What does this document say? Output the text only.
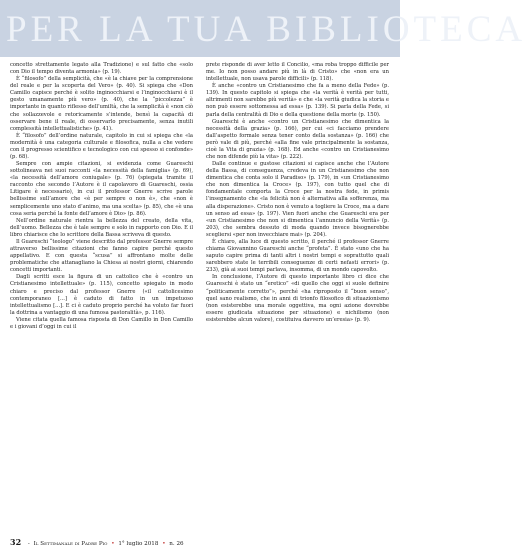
PER LA TUA BIBLIOTECA

concetto strettamente legato alla Tradizione) e sul fatto che «solo con Dio il tempo diventa armonia» (p. 19).

È “filosofo” della semplicità, che «è la chiave per la comprensione del reale e per la scoperta del Vero» (p. 40). Si spiega che «Don Camillo capisce perché è solito inginocchiarsi e l’inginocchiarsi è il gesto umanamente più vero» (p. 40), che la “piccolezza” è importante in quanto riflesso dell’umiltà, che la semplicità è «non ciò che sollazzevole e retoricamente s’intende, bensì la capacità di osservare bene il reale, di osservarlo precisamente, senza inutili complessità intellettualistiche» (p. 41).

È “filosofo” dell’ordine naturale, capitolo in cui si spiega che «la modernità è una categoria culturale e filosofica, nulla a che vedere con il progresso scientifico e tecnologico con cui spesso si confonde» (p. 68).

Sempre con ampie citazioni, si evidenzia come Guareschi sottolineava nei suoi racconti «la necessità della famiglia» (p. 69), «la necessità dell’amore coniugale» (p. 76) (spiegata tramite il racconto che secondo l’Autore è il capolavoro di Guareschi, ossia Litigare è necessario), in cui il professor Gnerre scrive parole bellissime sull’amore che «è per sempre o non è», che «non è semplicemente uno stato d’animo, ma una scelta» (p. 85), che «è una cosa seria perché la fonte dell’amore è Dio» (p. 86).

Nell’ordine naturale rientra la bellezza del creato, della vita, dell’uomo. Bellezza che è tale sempre e solo in rapporto con Dio. E il libro chiarisce che lo scrittore della Bassa scriveva di questo.

Il Guareschi “teologo” viene descritto dal professor Gnerre sempre attraverso bellissime citazioni che fanno capire perché questo appellativo. E con questa “scusa” si affrontano molte delle problematiche che attanagliano la Chiesa ai nostri giorni, chiarendo concetti importanti.

Dagli scritti esce la figura di un cattolico che è «contro un Cristianesimo intellettuale» (p. 115), concetto spiegato in modo chiaro e preciso dal professor Gnerre («il cattolicesimo contemporaneo [...] è caduto di fatto in un impetuoso intellettualismo [...]. E ci è caduto proprio perché ha voluto far fuori la dottrina a vantaggio di una fumosa pastoralità», p. 116).

Viene citata quella famosa risposta di Don Camillo in Don Camillo e i giovani d’oggi in cui il

prete risponde di aver letto il Concilio, «ma roba troppo difficile per me. Io non posso andare più in là di Cristo» che «non era un intellettuale, non usava parole difficili» (p. 118).

È anche «contro un Cristianesimo che fa a meno della Fede» (p. 139). In questo capitolo si spiega che «la verità è verità per tutti, altrimenti non sarebbe più verità» e che «la verità giudica la storia e non può essere sottomessa ad essa» (p. 139). Si parla della Fede, si parla della centralità di Dio e della questione della morte (p. 150).

Guareschi è anche «contro un Cristianesimo che dimentica la necessità della grazia» (p. 166), per cui «ci facciamo prendere dall’aspetto formale senza tener conto della sostanza» (p. 166) che però vale di più, perché «alla fine vale principalmente la sostanza, cioè la Vita di grazia» (p. 168). Ed anche «contro un Cristianesimo che non difende più la vita» (p. 222).

Dalle continue e gustose citazioni si capisce anche che l’Autore della Bassa, di conseguenza, credeva in un Cristianesimo che non dimentica che conta solo il Paradiso» (p. 179), in «un Cristianesimo che non dimentica la Croce» (p. 197), con tutto quel che di fondamentale comporta la Croce per la nostra fede, in primis l’insegnamento che «la felicità non è alternativa alla sofferenza, ma alla disperazione». Cristo non è venuto a togliere la Croce, ma a dare un senso ad essa» (p. 197). Vien fuori anche che Guareschi era per «un Cristianesimo che non si dimentica l’annuncio della Verità» (p. 203), che sembra dessuto di moda quando invece bisognerebbe scegliersi «per non invecchiare mai» (p. 204).

È chiaro, alla luce di questo scritto, il perché il professor Gnerre chiama Giovannino Guareschi anche “profeta”. È stato «uno che ha saputo capire prima di tanti altri i nostri tempi e soprattutto quali sarebbero state le terribili conseguenze di certi nefasti errori» (p. 233), già ai suoi tempi parlava, insomma, di un mondo capovolto.

In conclusione, l’Autore di questo importante libro ci dice che Guareschi è stato un “eretico” «di quello che oggi si suole definire “politicamente corretto”», perché «ha riproposto il “buon senso”, quel sano realismo, che in anni di trionfo filosofico di situazionismo (non esisterebbe una morale oggettiva, ma ogni azione dovrebbe essere giudicata situazione per situazione) e nichilismo (non esisterebbe alcun valore), costituiva davvero un’eresia» (p. 9).

32 - Il Settimanale di Padre Pio • 1° luglio 2018 • n. 26
